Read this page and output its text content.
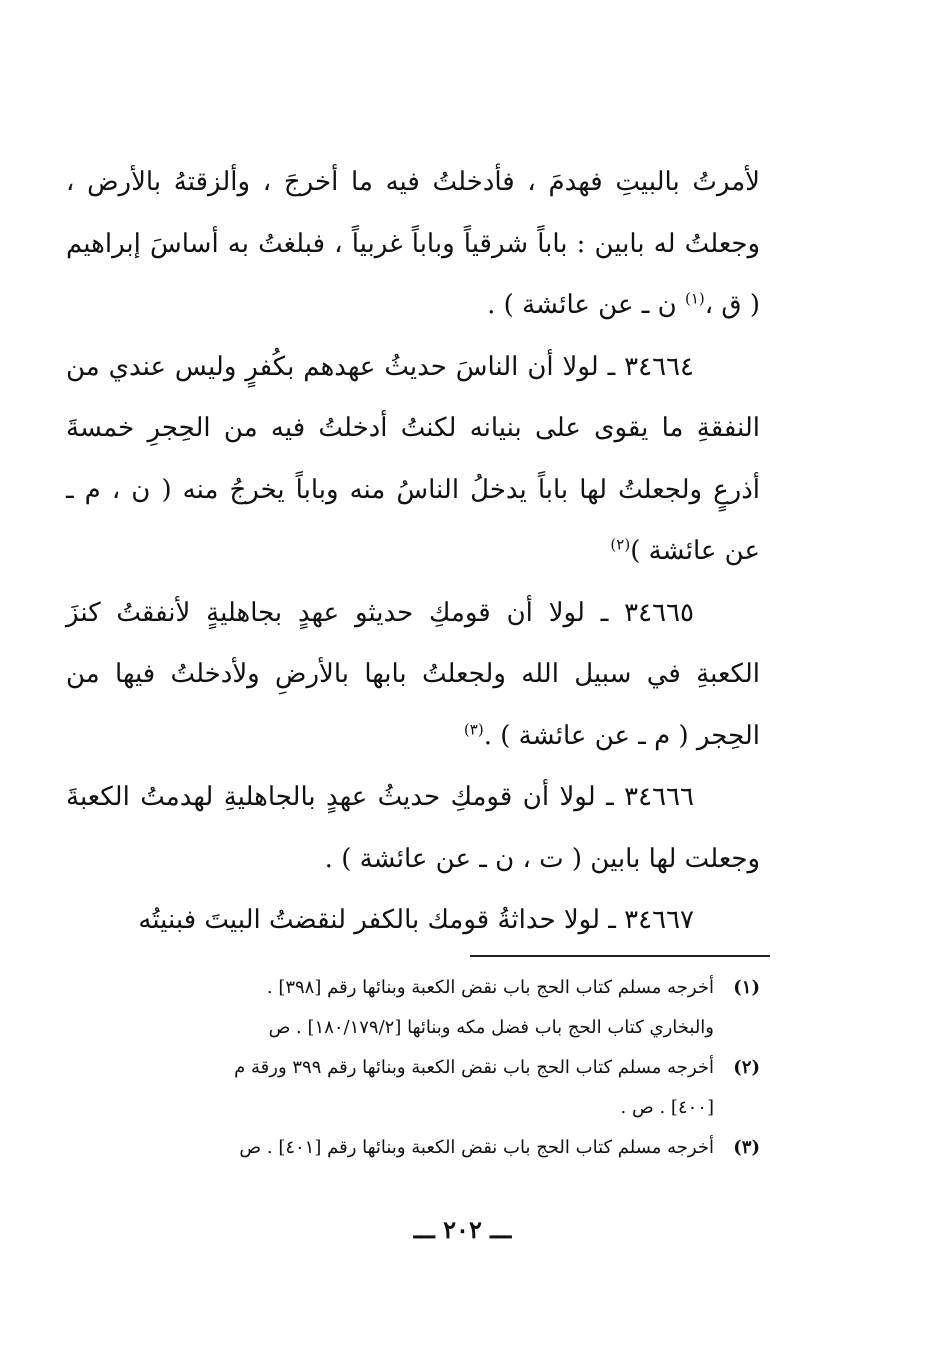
لأمرتُ بالبيتِ فهدمَ ، فأدخلتُ فيه ما أخرجَ ، وألزقتهُ بالأرض ، وجعلتُ له بابين : باباً شرقياً وباباً غربياً ، فبلغتُ به أساسَ إبراهيم ( ق ،$^{(١)}$ ن ـ عن عائشة ) .

٣٤٦٦٤ ـ لولا أن الناسَ حديثُ عهدهم بكُفرٍ وليس عندي من النفقةِ ما يقوى على بنيانه لكنتُ أدخلتُ فيه من الحِجرِ خمسةَ أذرعٍ ولجعلتُ لها باباً يدخلُ الناسُ منه وباباً يخرجُ منه ( ن ، م ـ عن عائشة )$^{(٢)}$

٣٤٦٦٥ ـ لولا أن قومكِ حديثو عهدٍ بجاهليةٍ لأنفقتُ كنزَ الكعبةِ في سبيل الله ولجعلتُ بابها بالأرضِ ولأدخلتُ فيها من الحِجر ( م ـ عن عائشة ) .$^{(٣)}$

٣٤٦٦٦ ـ لولا أن قومكِ حديثُ عهدٍ بالجاهليةِ لهدمتُ الكعبةَ وجعلت لها بابين ( ت ، ن ـ عن عائشة ) .

٣٤٦٦٧ ـ لولا حداثةُ قومك بالكفر لنقضتُ البيتَ فبنيتُه

(١)
أخرجه مسلم كتاب الحج باب نقض الكعبة وبنائها رقم [٣٩٨] .
والبخاري كتاب الحج باب فضل مكه وبنائها [١٨٠/١٧٩/٢] . ص
(٢)
أخرجه مسلم كتاب الحج باب نقض الكعبة وبنائها رقم ٣٩٩ ورقة م
[٤٠٠] . ص .
(٣)
أخرجه مسلم كتاب الحج باب نقض الكعبة وبنائها رقم [٤٠١] . ص
ـــ ٢٠٢ ـــ
